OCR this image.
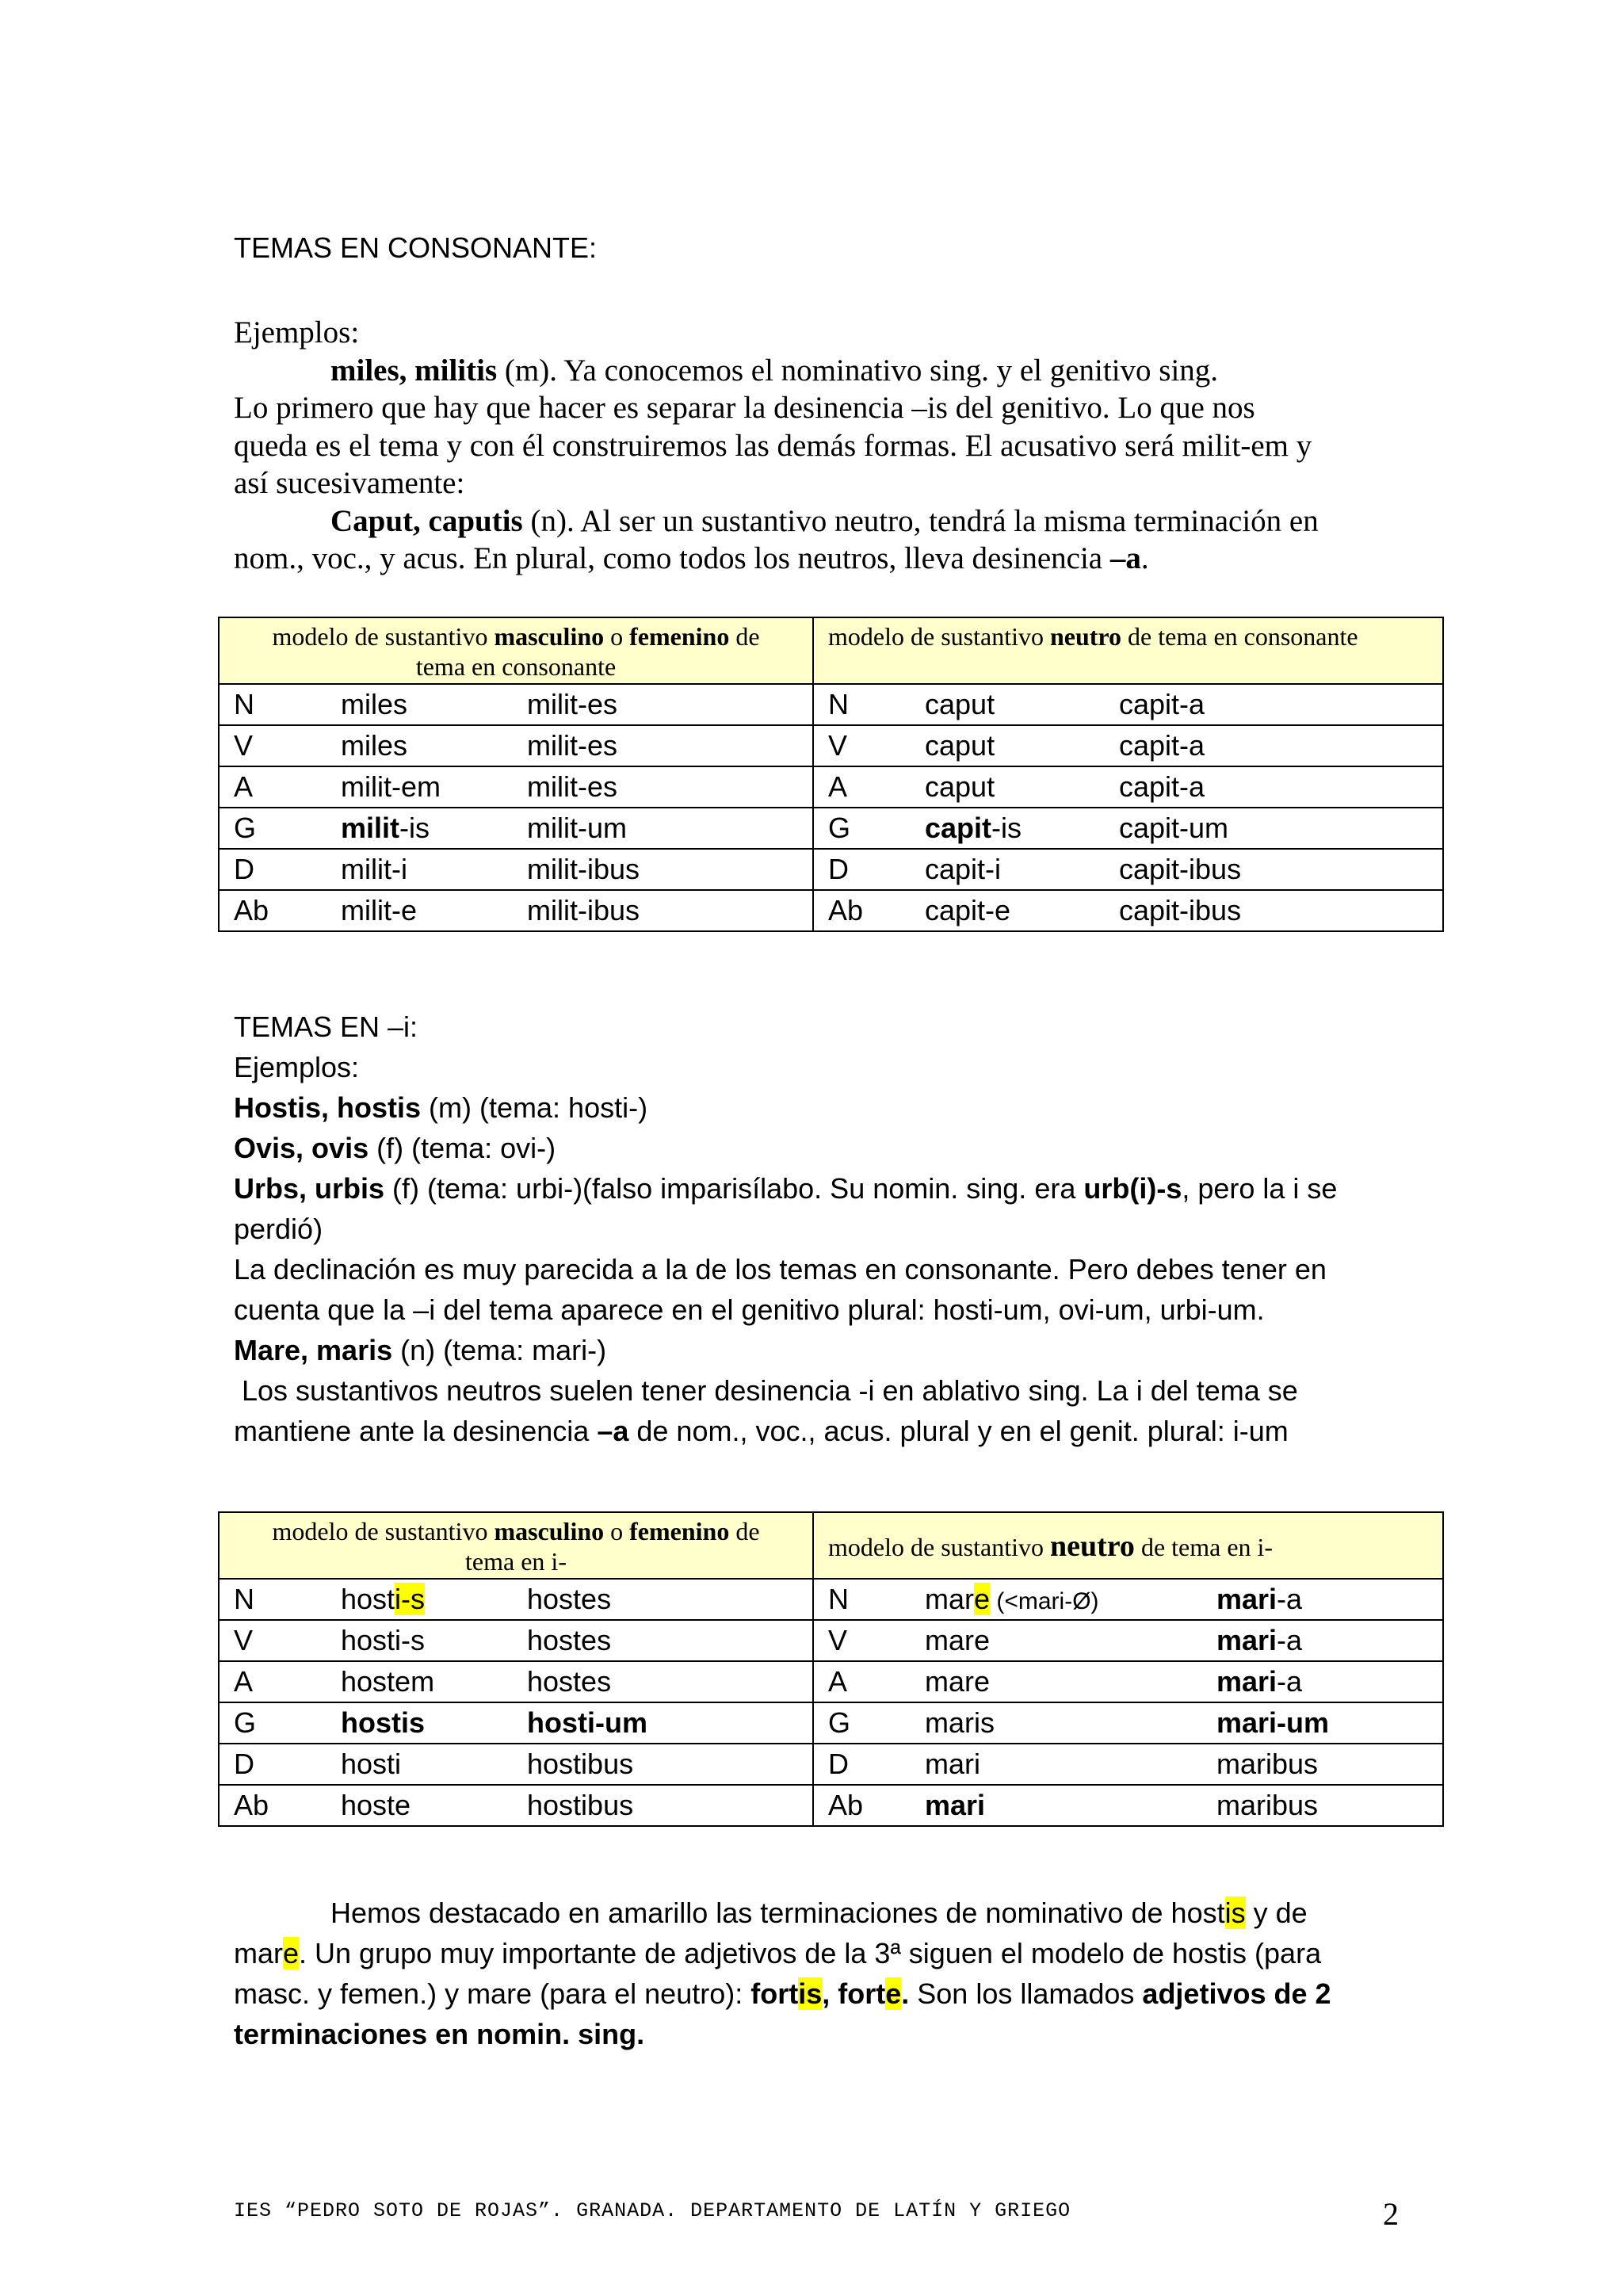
TEMAS EN CONSONANTE:
Ejemplos:
miles, militis (m). Ya conocemos el nominativo sing. y el genitivo sing.
Lo primero que hay que hacer es separar la desinencia –is del genitivo. Lo que nos
queda es el tema y con él construiremos las demás formas. El acusativo será milit-em y
así sucesivamente:
Caput, caputis (n). Al ser un sustantivo neutro, tendrá la misma terminación en
nom., voc., y acus. En plural, como todos los neutros, lleva desinencia –a.
modelo de sustantivo masculino o femenino de
tema en consonante	modelo de sustantivo neutro de tema en consonante

N miles milit-es	N caput capit-a

V miles milit-es	V caput capit-a

A milit-em milit-es	A caput capit-a

G milit-is milit-um	G capit-is capit-um

D milit-i milit-ibus	D capit-i capit-ibus

Ab milit-e milit-ibus	Ab capit-e capit-ibus
TEMAS EN –i:
Ejemplos:
Hostis, hostis (m) (tema: hosti-)
Ovis, ovis (f) (tema: ovi-)
Urbs, urbis (f) (tema: urbi-)(falso imparisílabo. Su nomin. sing. era urb(i)-s, pero la i se
perdió)
La declinación es muy parecida a la de los temas en consonante. Pero debes tener en
cuenta que la –i del tema aparece en el genitivo plural: hosti-um, ovi-um, urbi-um.
Mare, maris (n) (tema: mari-)
Los sustantivos neutros suelen tener desinencia -i en ablativo sing. La i del tema se
mantiene ante la desinencia –a de nom., voc., acus. plural y en el genit. plural: i-um
modelo de sustantivo masculino o femenino de
tema en i-	modelo de sustantivo neutro de tema en i-

N hosti-s hostes	N mare (<mari-Ø) mari-a

V hosti-s hostes	V mare mari-a

A hostem hostes	A mare mari-a

G hostis hosti-um	G maris mari-um

D hosti hostibus	D mari maribus

Ab hoste hostibus	Ab mari maribus
Hemos destacado en amarillo las terminaciones de nominativo de hostis y de
mare. Un grupo muy importante de adjetivos de la 3ª siguen el modelo de hostis (para
masc. y femen.) y mare (para el neutro): fortis, forte. Son los llamados adjetivos de 2
terminaciones en nomin. sing.
IES “PEDRO SOTO DE ROJAS”. GRANADA. DEPARTAMENTO DE LATÍN Y GRIEGO	2
